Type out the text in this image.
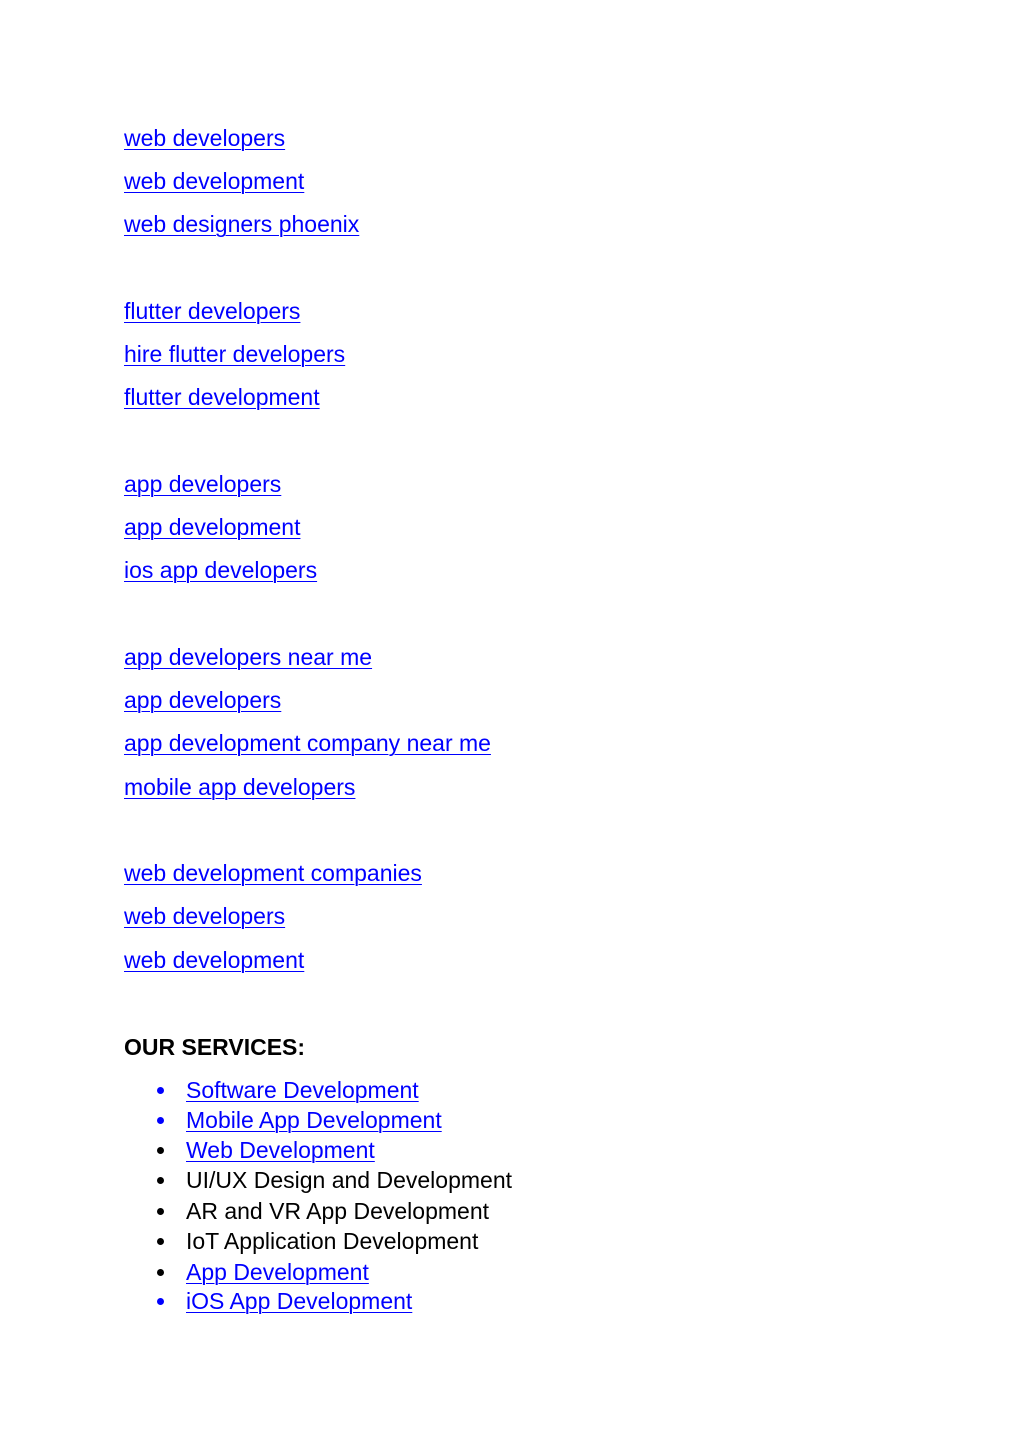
web developers
web development
web designers phoenix
flutter developers
hire flutter developers
flutter development
app developers
app development
ios app developers
app developers near me
app developers
app development company near me
mobile app developers
web development companies
web developers
web development
OUR SERVICES:
Software Development
Mobile App Development
Web Development
UI/UX Design and Development
AR and VR App Development
IoT Application Development
App Development
iOS App Development
